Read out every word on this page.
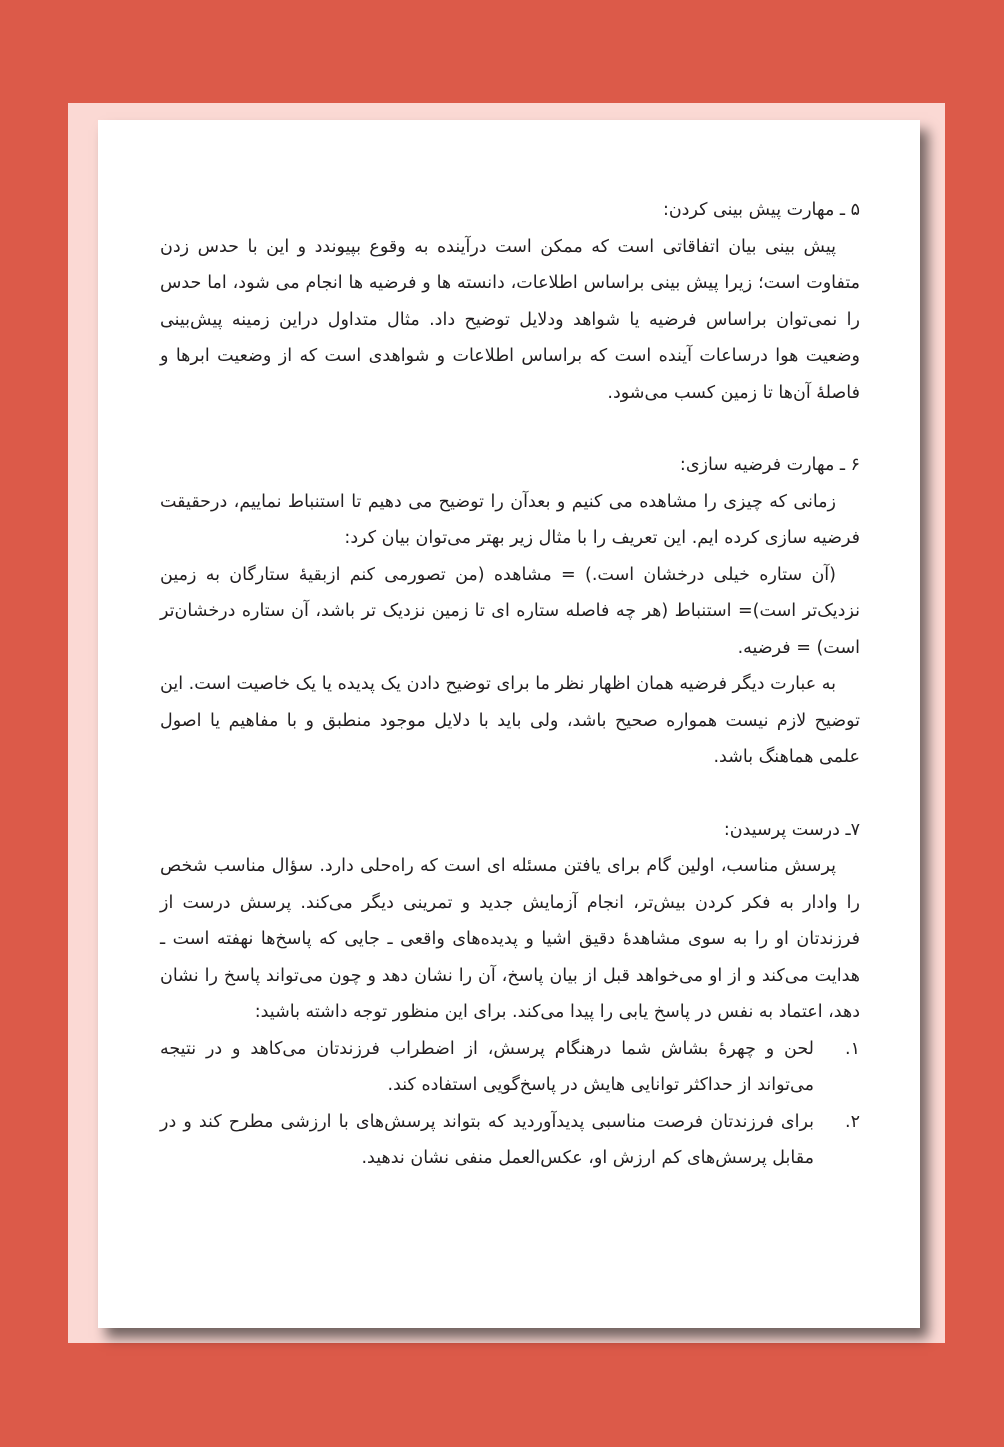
۵ ـ مهارت پیش بینی کردن:

پیش بینی بیان اتفاقاتی است که ممکن است درآینده به وقوع بپیوندد و این با حدس زدن متفاوت است؛ زیرا پیش بینی براساس اطلاعات، دانسته ها و فرضیه ها انجام می شود، اما حدس را نمی‌توان براساس فرضیه یا شواهد ودلایل توضیح داد. مثال متداول دراین زمینه پیش‌بینی وضعیت هوا درساعات آینده است که براساس اطلاعات و شواهدی است که از وضعیت ابرها و فاصلهٔ آن‌ها تا زمین کسب می‌شود.

۶ ـ مهارت فرضیه سازی:

زمانی که چیزی را مشاهده می کنیم و بعدآن را توضیح می دهیم تا استنباط نماییم، درحقیقت فرضیه سازی کرده ایم. این تعریف را با مثال زیر بهتر می‌توان بیان کرد:

(آن ستاره خیلی درخشان است.) = مشاهده (من تصورمی کنم ازبقیهٔ ستارگان به زمین نزدیک‌تر است)= استنباط (هر چه فاصله ستاره ای تا زمین نزدیک تر باشد، آن ستاره درخشان‌تر است) = فرضیه.

به عبارت دیگر فرضیه همان اظهار نظر ما برای توضیح دادن یک پدیده یا یک خاصیت است. این توضیح لازم نیست همواره صحیح باشد، ولی باید با دلایل موجود منطبق و با مفاهیم یا اصول علمی هماهنگ باشد.

۷ـ درست پرسیدن:

پرسش مناسب، اولین گام برای یافتن مسئله ای است که راه‌حلی دارد. سؤال مناسب شخص را وادار به فکر کردن بیش‌تر، انجام آزمایش جدید و تمرینی دیگر می‌کند. پرسش درست از فرزندتان او را به سوی مشاهدهٔ دقیق اشیا و پدیده‌های واقعی ـ جایی که پاسخ‌ها نهفته است ـ هدایت می‌کند و از او می‌خواهد قبل از بیان پاسخ، آن را نشان دهد و چون می‌تواند پاسخ را نشان دهد، اعتماد به نفس در پاسخ یابی را پیدا می‌کند. برای این منظور توجه داشته باشید:

۱.
لحن و چهرهٔ بشاش شما درهنگام پرسش، از اضطراب فرزندتان می‌کاهد و در نتیجه می‌تواند از حداکثر توانایی هایش در پاسخ‌گویی استفاده کند.
۲.
برای فرزندتان فرصت مناسبی پدیدآوردید که بتواند پرسش‌های با ارزشی مطرح کند و در مقابل پرسش‌های کم ارزش او، عکس‌العمل منفی نشان ندهید.
